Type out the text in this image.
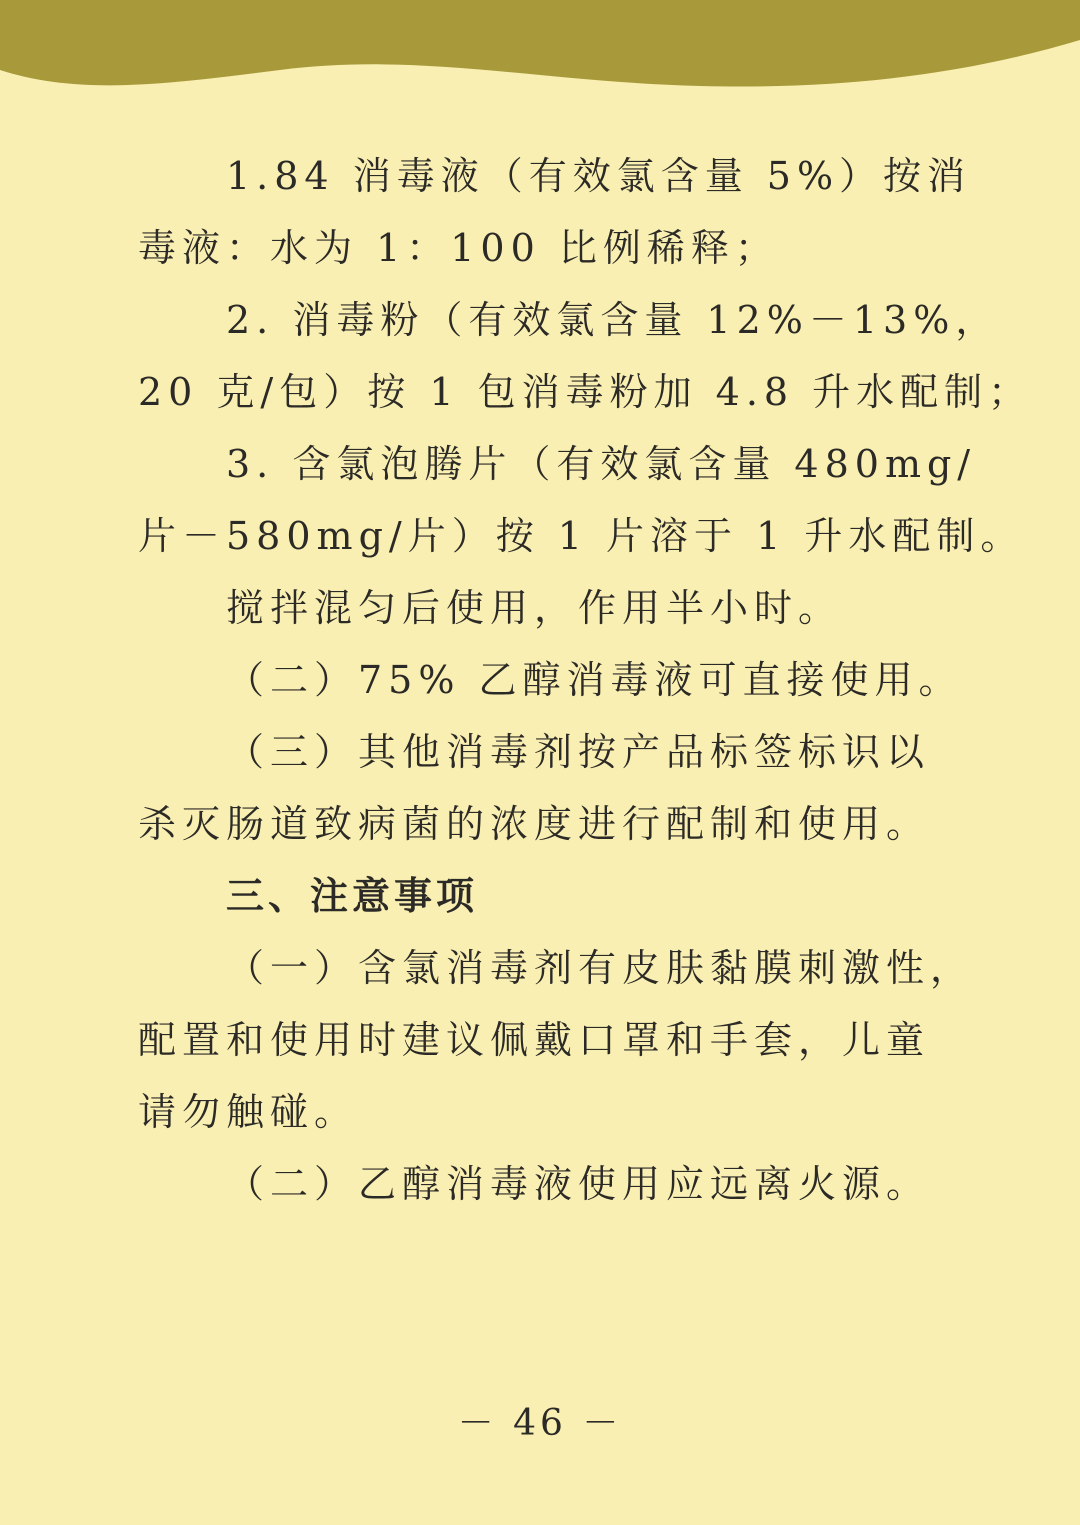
1.84 消毒液（有效氯含量 5%）按消
毒液：水为 1：100 比例稀释；
2. 消毒粉（有效氯含量 12%－13%，
20 克/包）按 1 包消毒粉加 4.8 升水配制；
3. 含氯泡腾片（有效氯含量 480mg/
片－580mg/片）按 1 片溶于 1 升水配制。
搅拌混匀后使用，作用半小时。
（二）75% 乙醇消毒液可直接使用。
（三）其他消毒剂按产品标签标识以
杀灭肠道致病菌的浓度进行配制和使用。
三、注意事项
（一）含氯消毒剂有皮肤黏膜刺激性，
配置和使用时建议佩戴口罩和手套，儿童
请勿触碰。
（二）乙醇消毒液使用应远离火源。
－ 46 －
